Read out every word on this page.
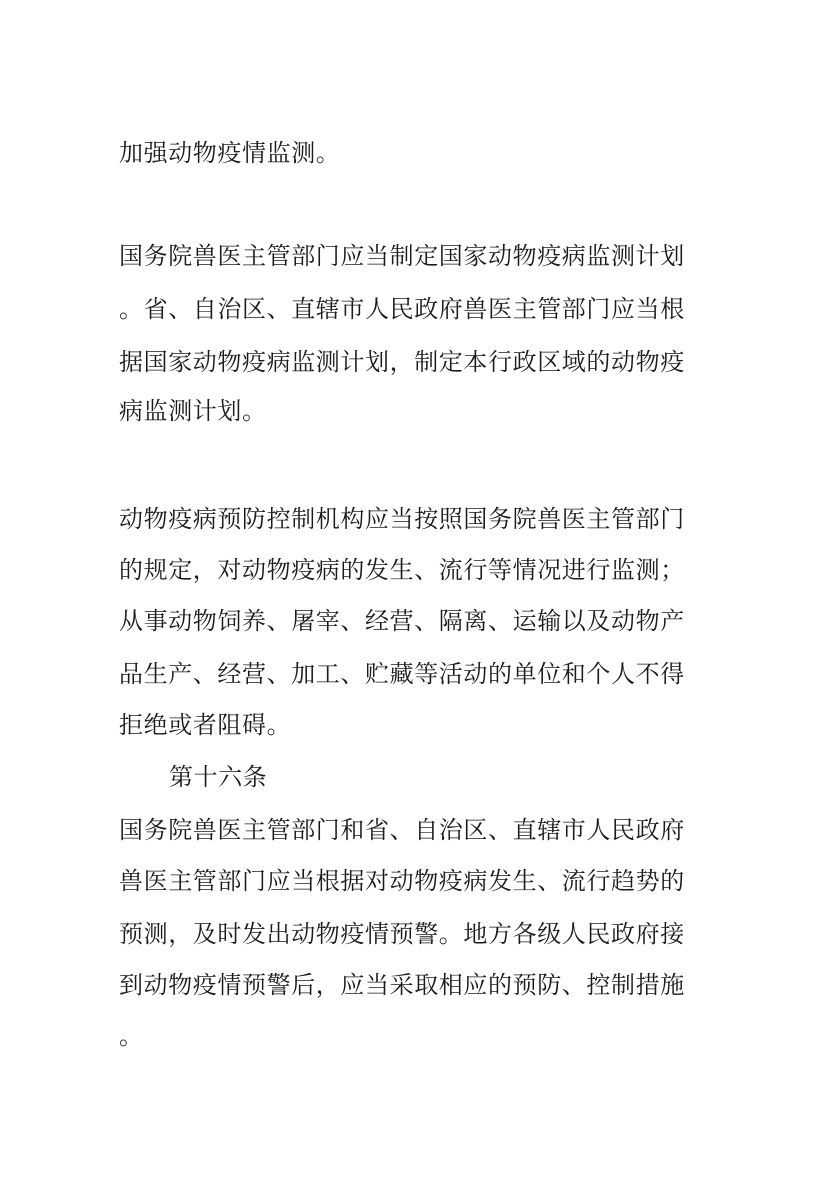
加强动物疫情监测。
国务院兽医主管部门应当制定国家动物疫病监测计划
。省、自治区、直辖市人民政府兽医主管部门应当根
据国家动物疫病监测计划，制定本行政区域的动物疫
病监测计划。
动物疫病预防控制机构应当按照国务院兽医主管部门
的规定，对动物疫病的发生、流行等情况进行监测；
从事动物饲养、屠宰、经营、隔离、运输以及动物产
品生产、经营、加工、贮藏等活动的单位和个人不得
拒绝或者阻碍。
第十六条
国务院兽医主管部门和省、自治区、直辖市人民政府
兽医主管部门应当根据对动物疫病发生、流行趋势的
预测，及时发出动物疫情预警。地方各级人民政府接
到动物疫情预警后，应当采取相应的预防、控制措施
。
